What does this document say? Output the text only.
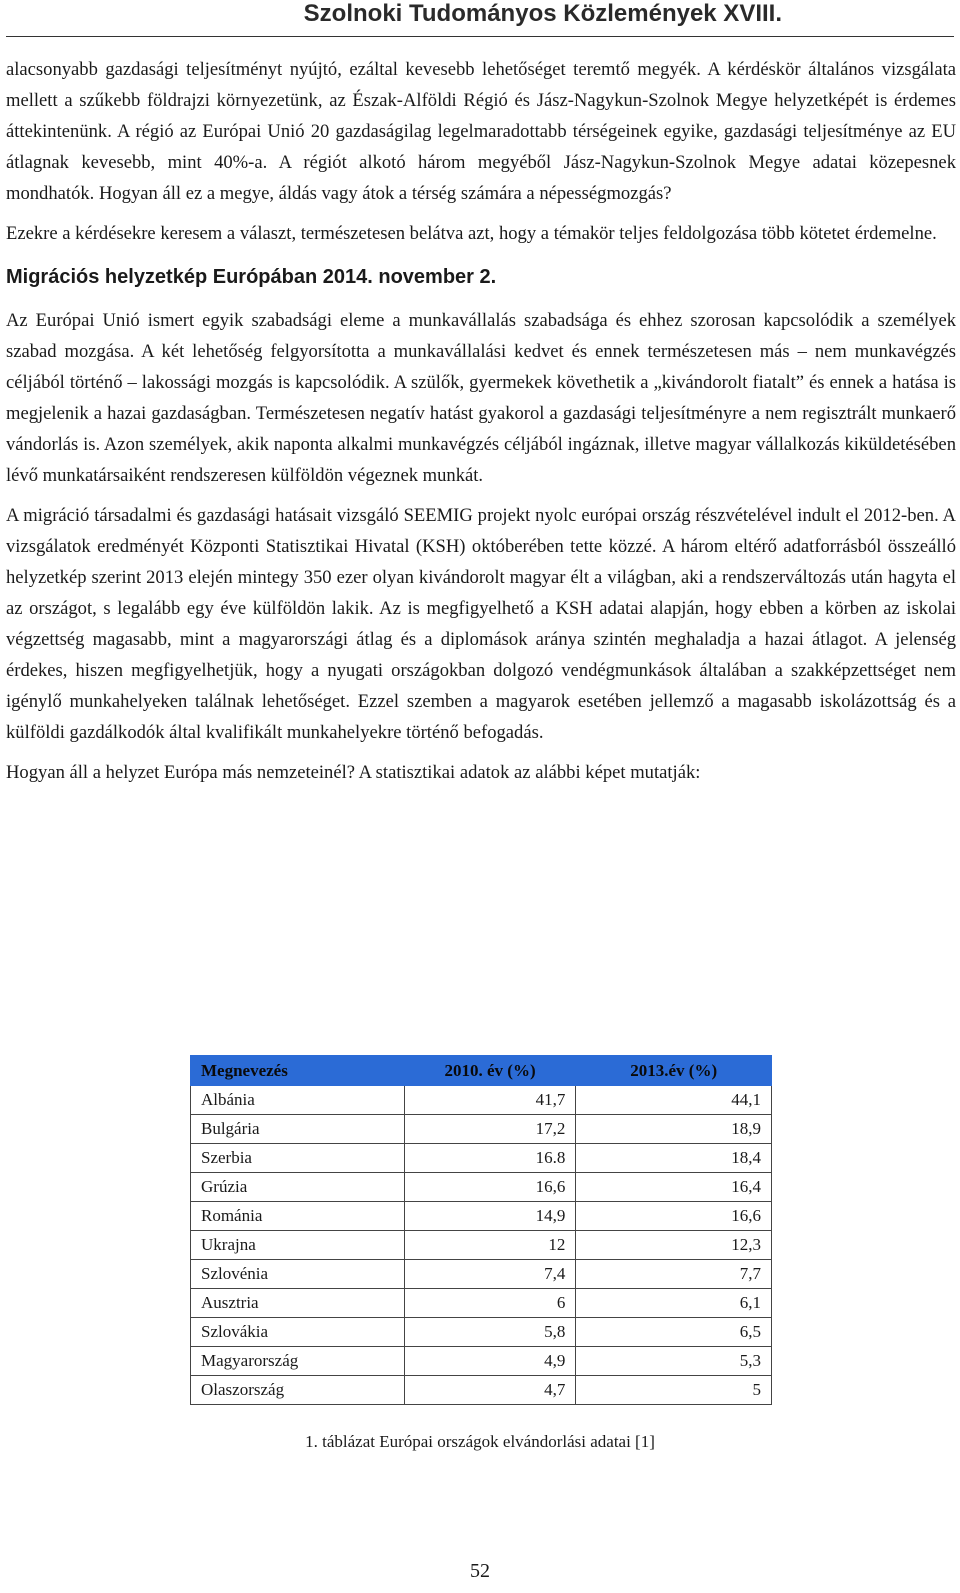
Szolnoki Tudományos Közlemények XVIII.

alacsonyabb gazdasági teljesítményt nyújtó, ezáltal kevesebb lehetőséget teremtő megyék. A kérdéskör általános vizsgálata mellett a szűkebb földrajzi környezetünk, az Észak-Alföldi Régió és Jász-Nagykun-Szolnok Megye helyzetképét is érdemes áttekintenünk. A régió az Európai Unió 20 gazdaságilag legelmaradottabb térségeinek egyike, gazdasági teljesítménye az EU átlagnak kevesebb, mint 40%-a. A régiót alkotó három megyéből Jász-Nagykun-Szolnok Megye adatai közepesnek mondhatók. Hogyan áll ez a megye, áldás vagy átok a térség számára a népességmozgás?

Ezekre a kérdésekre keresem a választ, természetesen belátva azt, hogy a témakör teljes feldolgozása több kötetet érdemelne.

Migrációs helyzetkép Európában 2014. november 2.

Az Európai Unió ismert egyik szabadsági eleme a munkavállalás szabadsága és ehhez szorosan kapcsolódik a személyek szabad mozgása. A két lehetőség felgyorsította a munkavállalási kedvet és ennek természetesen más – nem munkavégzés céljából történő – lakossági mozgás is kapcsolódik. A szülők, gyermekek követhetik a „kivándorolt fiatalt” és ennek a hatása is megjelenik a hazai gazdaságban. Természetesen negatív hatást gyakorol a gazdasági teljesítményre a nem regisztrált munkaerő vándorlás is. Azon személyek, akik naponta alkalmi munkavégzés céljából ingáznak, illetve magyar vállalkozás kiküldetésében lévő munkatársaiként rendszeresen külföldön végeznek munkát.

A migráció társadalmi és gazdasági hatásait vizsgáló SEEMIG projekt nyolc európai ország részvételével indult el 2012-ben. A vizsgálatok eredményét Központi Statisztikai Hivatal (KSH) októberében tette közzé. A három eltérő adatforrásból összeálló helyzetkép szerint 2013 elején mintegy 350 ezer olyan kivándorolt magyar élt a világban, aki a rendszerváltozás után hagyta el az országot, s legalább egy éve külföldön lakik. Az is megfigyelhető a KSH adatai alapján, hogy ebben a körben az iskolai végzettség magasabb, mint a magyarországi átlag és a diplomások aránya szintén meghaladja a hazai átlagot. A jelenség érdekes, hiszen megfigyelhetjük, hogy a nyugati országokban dolgozó vendégmunkások általában a szakképzettséget nem igénylő munkahelyeken találnak lehetőséget. Ezzel szemben a magyarok esetében jellemző a magasabb iskolázottság és a külföldi gazdálkodók által kvalifikált munkahelyekre történő befogadás.

Hogyan áll a helyzet Európa más nemzeteinél? A statisztikai adatok az alábbi képet mutatják:

Megnevezés	2010. év (%)	2013.év (%)
Albánia	41,7	44,1
Bulgária	17,2	18,9
Szerbia	16.8	18,4
Grúzia	16,6	16,4
Románia	14,9	16,6
Ukrajna	12	12,3
Szlovénia	7,4	7,7
Ausztria	6	6,1
Szlovákia	5,8	6,5
Magyarország	4,9	5,3
Olaszország	4,7	5
1. táblázat Európai országok elvándorlási adatai [1]
52
